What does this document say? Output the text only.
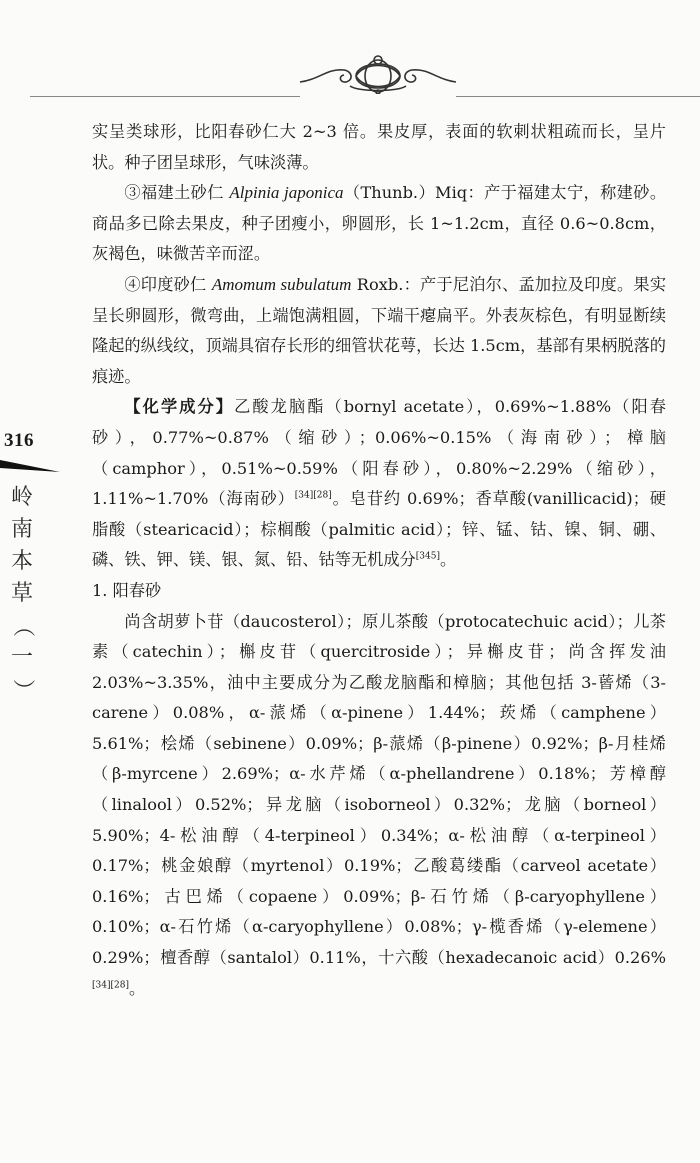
316
岭
南
本
草
（
一
）

实呈类球形，比阳春砂仁大 2~3 倍。果皮厚，表面的软刺状粗疏而长，呈片状。种子团呈球形，气味淡薄。

③福建土砂仁 Alpinia japonica（Thunb.）Miq：产于福建太宁，称建砂。商品多已除去果皮，种子团瘦小，卵圆形，长 1~1.2cm，直径 0.6~0.8cm，灰褐色，味微苦辛而涩。

④印度砂仁 Amomum subulatum Roxb.：产于尼泊尔、孟加拉及印度。果实呈长卵圆形，微弯曲，上端饱满粗圆，下端干瘪扁平。外表灰棕色，有明显断续隆起的纵线纹，顶端具宿存长形的细管状花萼，长达 1.5cm，基部有果柄脱落的痕迹。

【化学成分】乙酸龙脑酯（bornyl acetate），0.69%~1.88%（阳春砂），0.77%~0.87%（缩砂）；0.06%~0.15%（海南砂）；樟脑（camphor），0.51%~0.59%（阳春砂），0.80%~2.29%（缩砂），1.11%~1.70%（海南砂）[34][28]。皂苷约 0.69%；香草酸(vanillicacid)；硬脂酸（stearicacid）；棕榈酸（palmitic acid）；锌、锰、钴、镍、铜、硼、磷、铁、钾、镁、银、氮、铅、钴等无机成分[345]。

1. 阳春砂

尚含胡萝卜苷（daucosterol）；原儿茶酸（protocatechuic acid）；儿茶素（catechin）；槲皮苷（quercitroside）；异槲皮苷；尚含挥发油 2.03%~3.35%，油中主要成分为乙酸龙脑酯和樟脑；其他包括 3-蒈烯（3-carene）0.08%，α-蒎烯（α-pinene）1.44%；莰烯（camphene）5.61%；桧烯（sebinene）0.09%；β-蒎烯（β-pinene）0.92%；β-月桂烯（β-myrcene）2.69%；α-水芹烯（α-phellandrene）0.18%；芳樟醇（linalool）0.52%；异龙脑（isoborneol）0.32%；龙脑（borneol）5.90%；4-松油醇（4-terpineol）0.34%；α-松油醇（α-terpineol）0.17%；桃金娘醇（myrtenol）0.19%；乙酸葛缕酯（carveol acetate）0.16%；古巴烯（copaene）0.09%；β-石竹烯（β-caryophyllene）0.10%；α-石竹烯（α-caryophyllene）0.08%；γ-榄香烯（γ-elemene）0.29%；檀香醇（santalol）0.11%，十六酸（hexadecanoic acid）0.26%[34][28]。
